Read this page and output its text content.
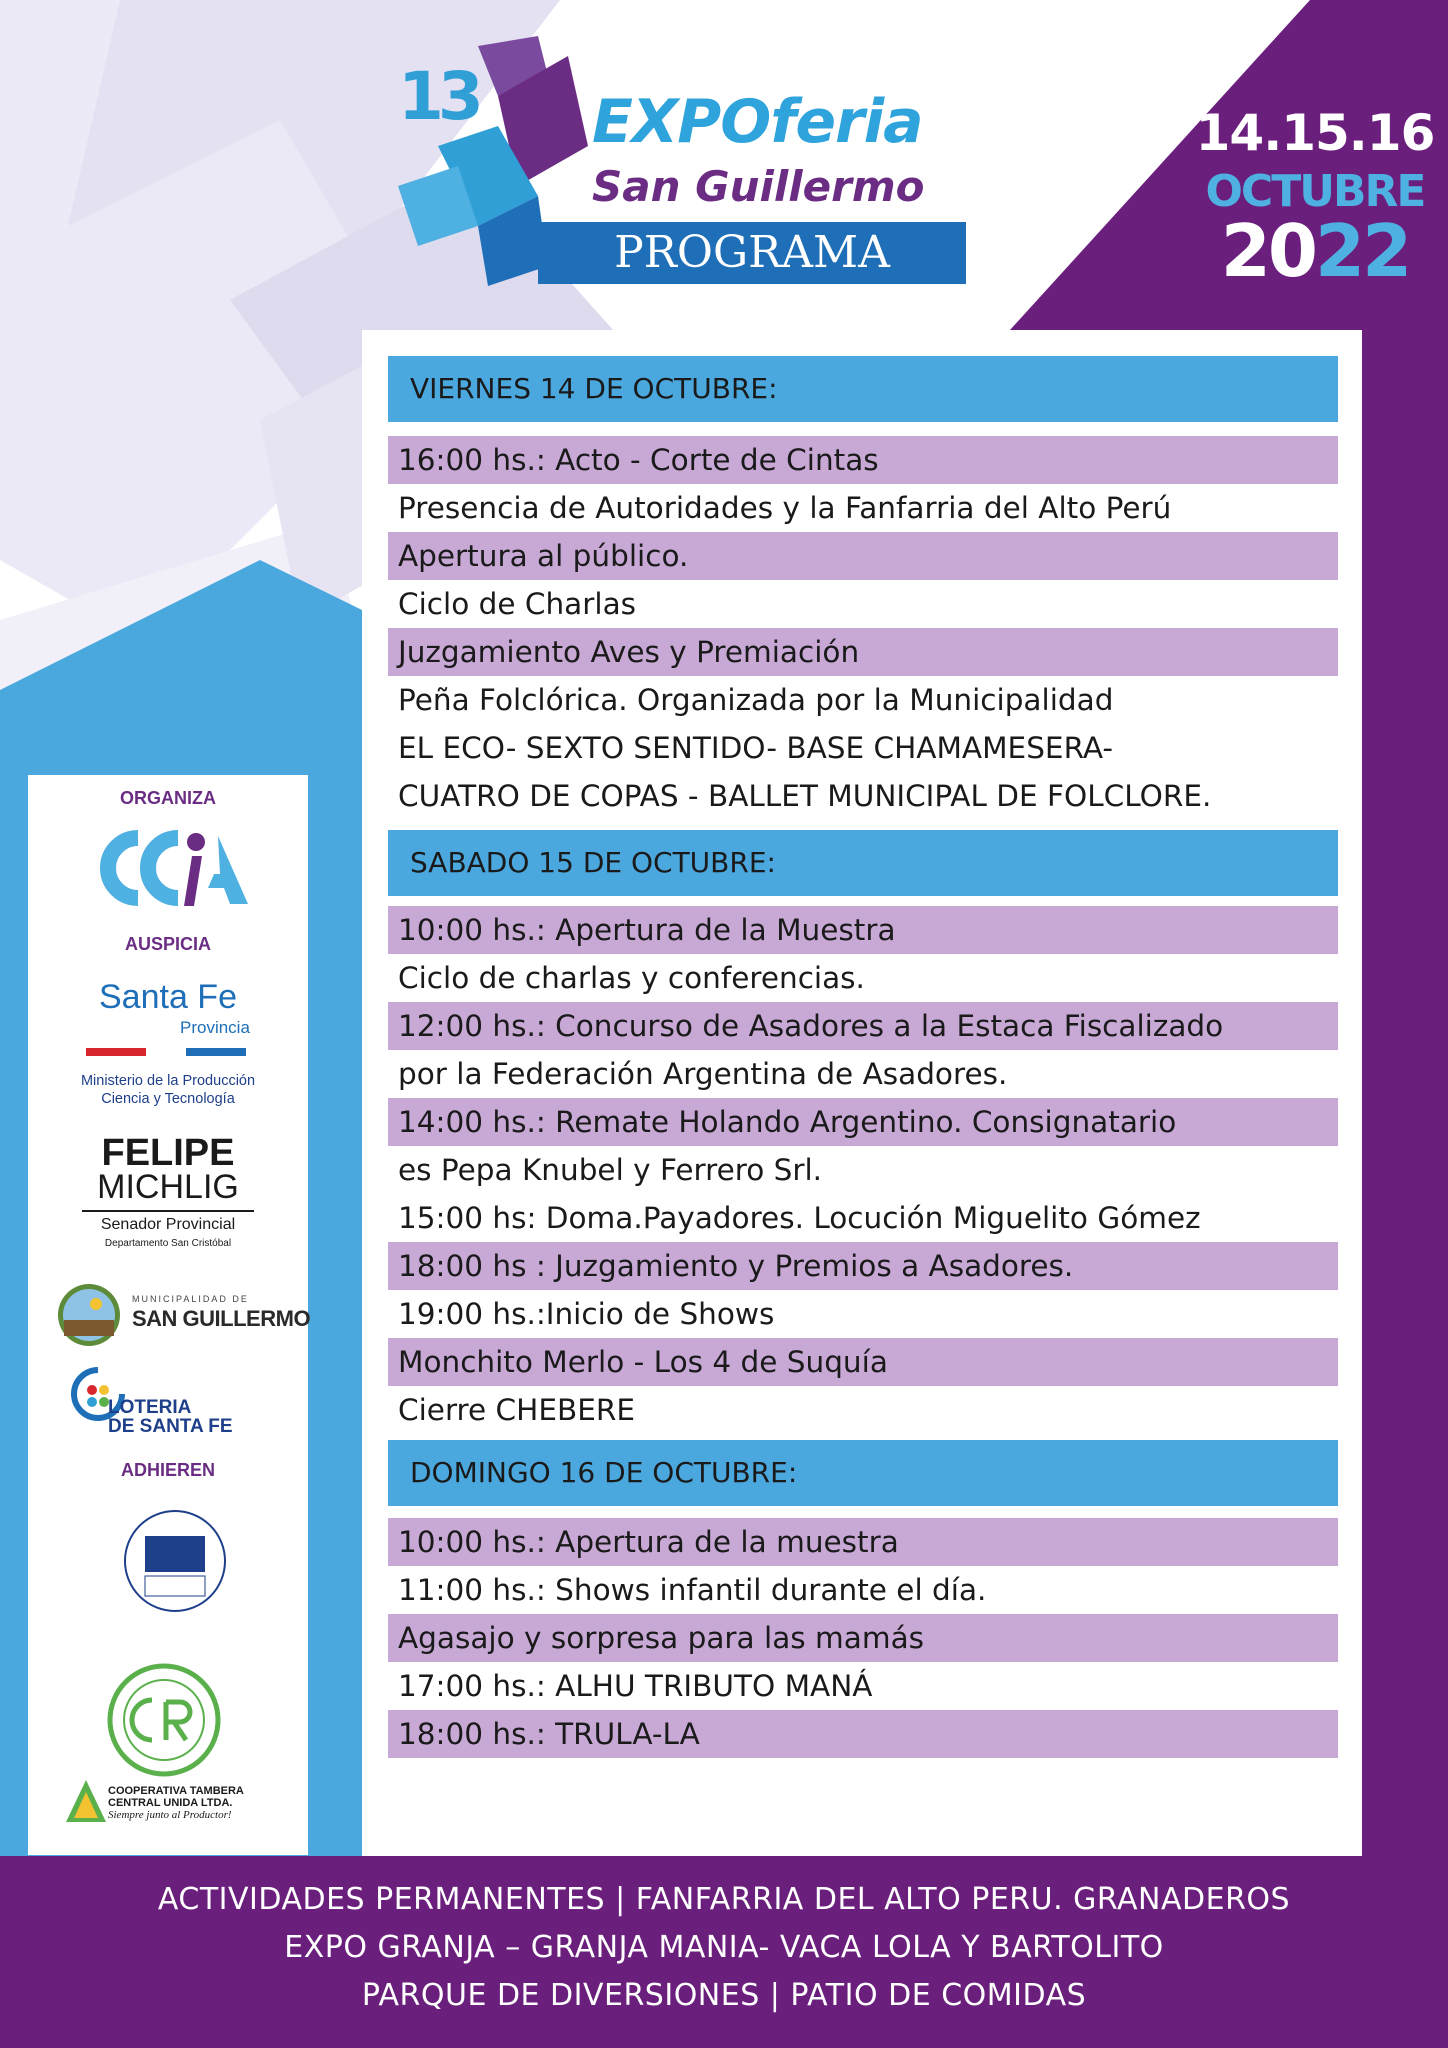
13 EXPOferia
San Guillermo
PROGRAMA
14.15.16
OCTUBRE
2022
VIERNES 14 DE OCTUBRE:
16:00 hs.: Acto - Corte de Cintas
Presencia de Autoridades y la Fanfarria del Alto Perú
Apertura al público.
Ciclo de Charlas
Juzgamiento Aves y Premiación
Peña Folclórica. Organizada por la Municipalidad
EL ECO- SEXTO SENTIDO- BASE CHAMAMESERA-
CUATRO DE COPAS - BALLET MUNICIPAL DE FOLCLORE.
SABADO 15 DE OCTUBRE:
10:00 hs.: Apertura de la Muestra
Ciclo de charlas y conferencias.
12:00 hs.: Concurso de Asadores a la Estaca Fiscalizado
por la Federación Argentina de Asadores.
14:00 hs.: Remate Holando Argentino. Consignatario
es Pepa Knubel y Ferrero Srl.
15:00 hs: Doma.Payadores. Locución Miguelito Gómez
18:00 hs : Juzgamiento y Premios a Asadores.
19:00 hs.:Inicio de Shows
Monchito Merlo - Los 4 de Suquía
Cierre CHEBERE
DOMINGO 16 DE OCTUBRE:
10:00 hs.: Apertura de la muestra
11:00 hs.: Shows infantil durante el día.
Agasajo y sorpresa para las mamás
17:00 hs.: ALHU TRIBUTO MANÁ
18:00 hs.: TRULA-LA
ORGANIZA
AUSPICIA
Santa Fe
Provincia
Ministerio de la Producción
Ciencia y Tecnología
FELIPE
MICHLIG
Senador Provincial
Departamento San Cristóbal
MUNICIPALIDAD DE
SAN GUILLERMO
LOTERIA
DE SANTA FE
ADHIEREN
COOPERATIVA TAMBERA
CENTRAL UNIDA LTDA.
Siempre junto al Productor!
ACTIVIDADES PERMANENTES | FANFARRIA DEL ALTO PERU. GRANADEROS
EXPO GRANJA – GRANJA MANIA- VACA LOLA Y BARTOLITO
PARQUE DE DIVERSIONES | PATIO DE COMIDAS
